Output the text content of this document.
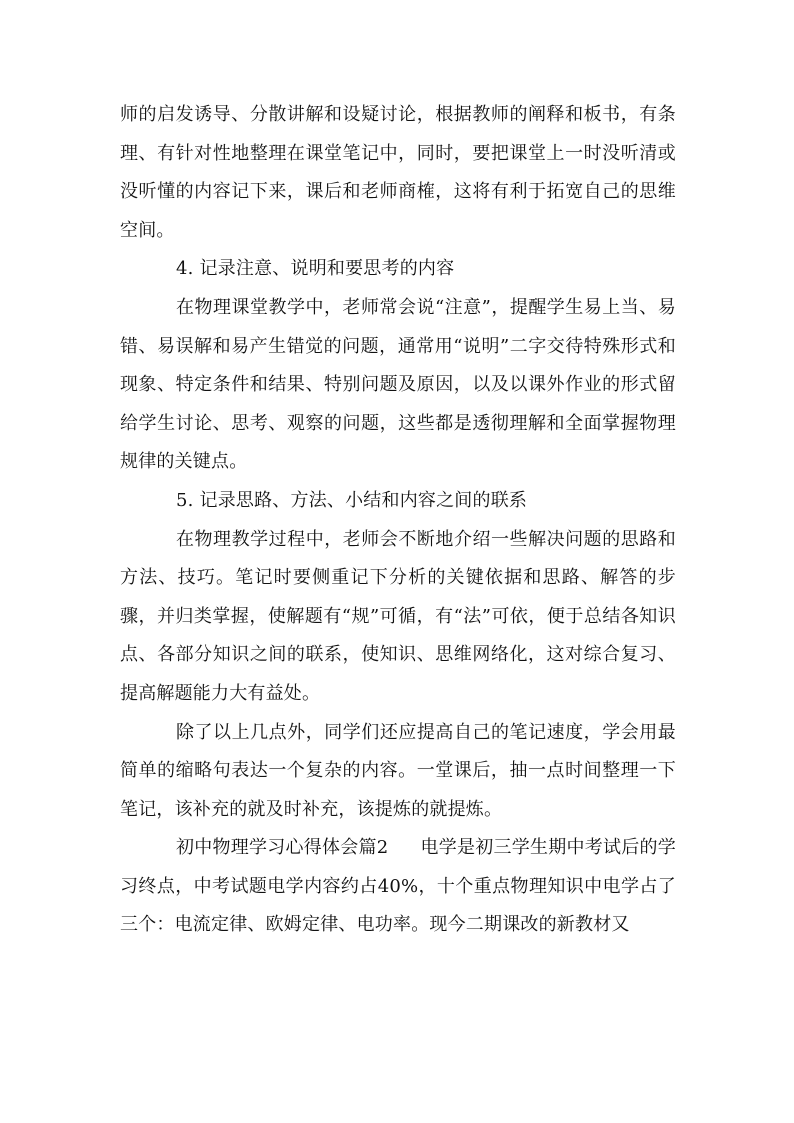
师的启发诱导、分散讲解和设疑讨论，根据教师的阐释和板书，有条理、有针对性地整理在课堂笔记中，同时，要把课堂上一时没听清或没听懂的内容记下来，课后和老师商榷，这将有利于拓宽自己的思维空间。

4. 记录注意、说明和要思考的内容

在物理课堂教学中，老师常会说“注意”，提醒学生易上当、易错、易误解和易产生错觉的问题，通常用“说明”二字交待特殊形式和现象、特定条件和结果、特别问题及原因，以及以课外作业的形式留给学生讨论、思考、观察的问题，这些都是透彻理解和全面掌握物理规律的关键点。

5. 记录思路、方法、小结和内容之间的联系

在物理教学过程中，老师会不断地介绍一些解决问题的思路和方法、技巧。笔记时要侧重记下分析的关键依据和思路、解答的步骤，并归类掌握，使解题有“规”可循，有“法”可依，便于总结各知识点、各部分知识之间的联系，使知识、思维网络化，这对综合复习、提高解题能力大有益处。

除了以上几点外，同学们还应提高自己的笔记速度，学会用最简单的缩略句表达一个复杂的内容。一堂课后，抽一点时间整理一下笔记，该补充的就及时补充，该提炼的就提炼。

初中物理学习心得体会篇2 电学是初三学生期中考试后的学习终点，中考试题电学内容约占40%，十个重点物理知识中电学占了三个：电流定律、欧姆定律、电功率。现今二期课改的新教材又
